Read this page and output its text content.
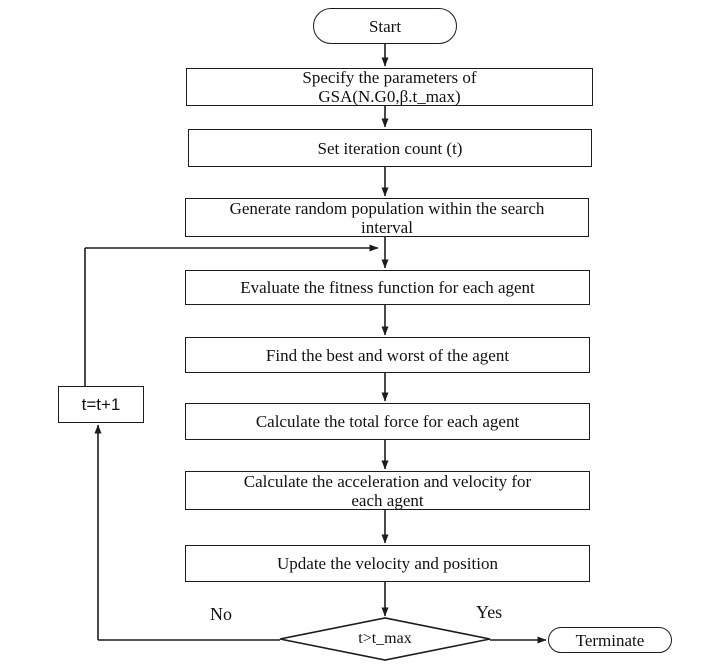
Start
Specify the parameters of
GSA(N.G0,β.t_max)
Set iteration count (t)
Generate random population within the search
interval
Evaluate the fitness function for each agent
Find the best and worst of the agent
Calculate the total force for each agent
Calculate the acceleration and velocity for
each agent
Update the velocity and position
t=t+1
t>t_max
No	Yes
Terminate
